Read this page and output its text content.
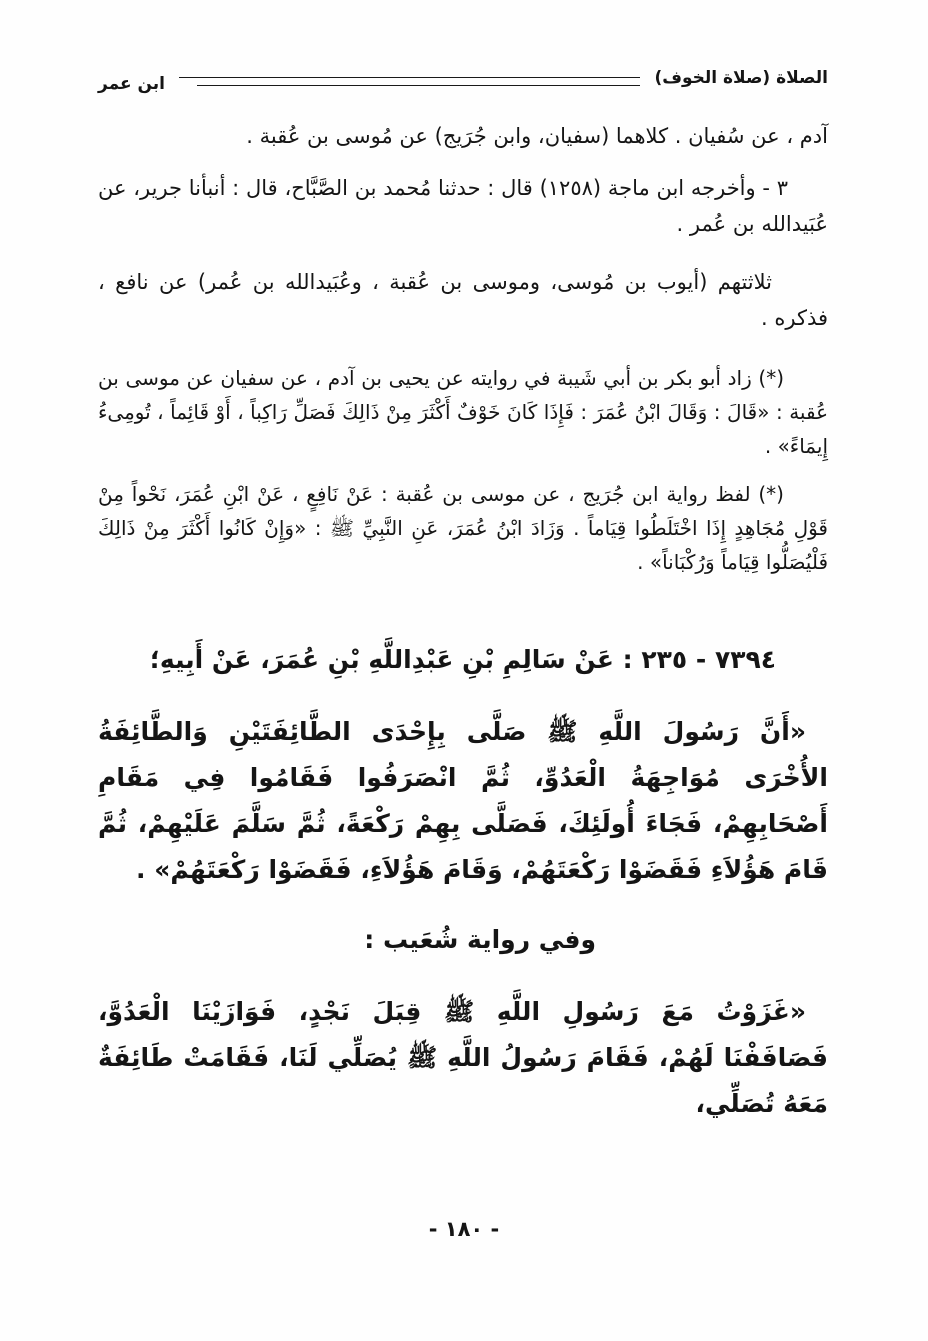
الصلاة (صلاة الخوف)
ابن عمر

آدم ، عن سُفيان . كلاهما (سفيان، وابن جُرَيج) عن مُوسى بن عُقبة .

٣ - وأخرجه ابن ماجة (١٢٥٨) قال : حدثنا مُحمد بن الصَّبَّاح، قال : أنبأنا جرير، عن عُبَيدالله بن عُمر .

ثلاثتهم (أيوب بن مُوسى، وموسى بن عُقبة ، وعُبَيدالله بن عُمر) عن نافع ، فذكره .

(*) زاد أبو بكر بن أبي شَيبة في روايته عن يحيى بن آدم ، عن سفيان عن موسى بن عُقبة : «قَالَ : وَقَالَ ابْنُ عُمَرَ : فَإِذَا كَانَ خَوْفٌ أَكْثَرَ مِنْ ذَالِكَ فَصَلِّ رَاكِباً ، أَوْ قَائِماً ، تُومِىءُ إِيمَاءً» .

(*) لفظ رواية ابن جُرَيج ، عن موسى بن عُقبة : عَنْ نَافِعٍ ، عَنْ ابْنِ عُمَرَ، نَحْواً مِنْ قَوْلِ مُجَاهِدٍ إِذَا اخْتَلَطُوا قِيَاماً . وَزَادَ ابْنُ عُمَرَ، عَنِ النَّبِيِّ ﷺ : «وَإِنْ كَانُوا أَكْثَرَ مِنْ ذَالِكَ فَلْيُصَلُّوا قِيَاماً وَرُكْبَاناً» .

٧٣٩٤ - ٢٣٥ : عَنْ سَالِمِ بْنِ عَبْدِاللَّهِ بْنِ عُمَرَ، عَنْ أَبِيهِ؛

«أَنَّ رَسُولَ اللَّهِ ﷺ صَلَّى بِإِحْدَى الطَّائِفَتَيْنِ وَالطَّائِفَةُ الأُخْرَى مُوَاجِهَةُ الْعَدُوِّ، ثُمَّ انْصَرَفُوا فَقَامُوا فِي مَقَامِ أَصْحَابِهِمْ، فَجَاءَ أُولَئِكَ، فَصَلَّى بِهِمْ رَكْعَةً، ثُمَّ سَلَّمَ عَلَيْهِمْ، ثُمَّ قَامَ هَؤُلاَءِ فَقَضَوْا رَكْعَتَهُمْ، وَقَامَ هَؤُلاَءِ، فَقَضَوْا رَكْعَتَهُمْ» .

وفي رواية شُعَيب :

«غَزَوْتُ مَعَ رَسُولِ اللَّهِ ﷺ قِبَلَ نَجْدٍ، فَوَازَيْنَا الْعَدُوَّ، فَصَافَفْنَا لَهُمْ، فَقَامَ رَسُولُ اللَّهِ ﷺ يُصَلِّي لَنَا، فَقَامَتْ طَائِفَةٌ مَعَهُ تُصَلِّي،

- ١٨٠ -
